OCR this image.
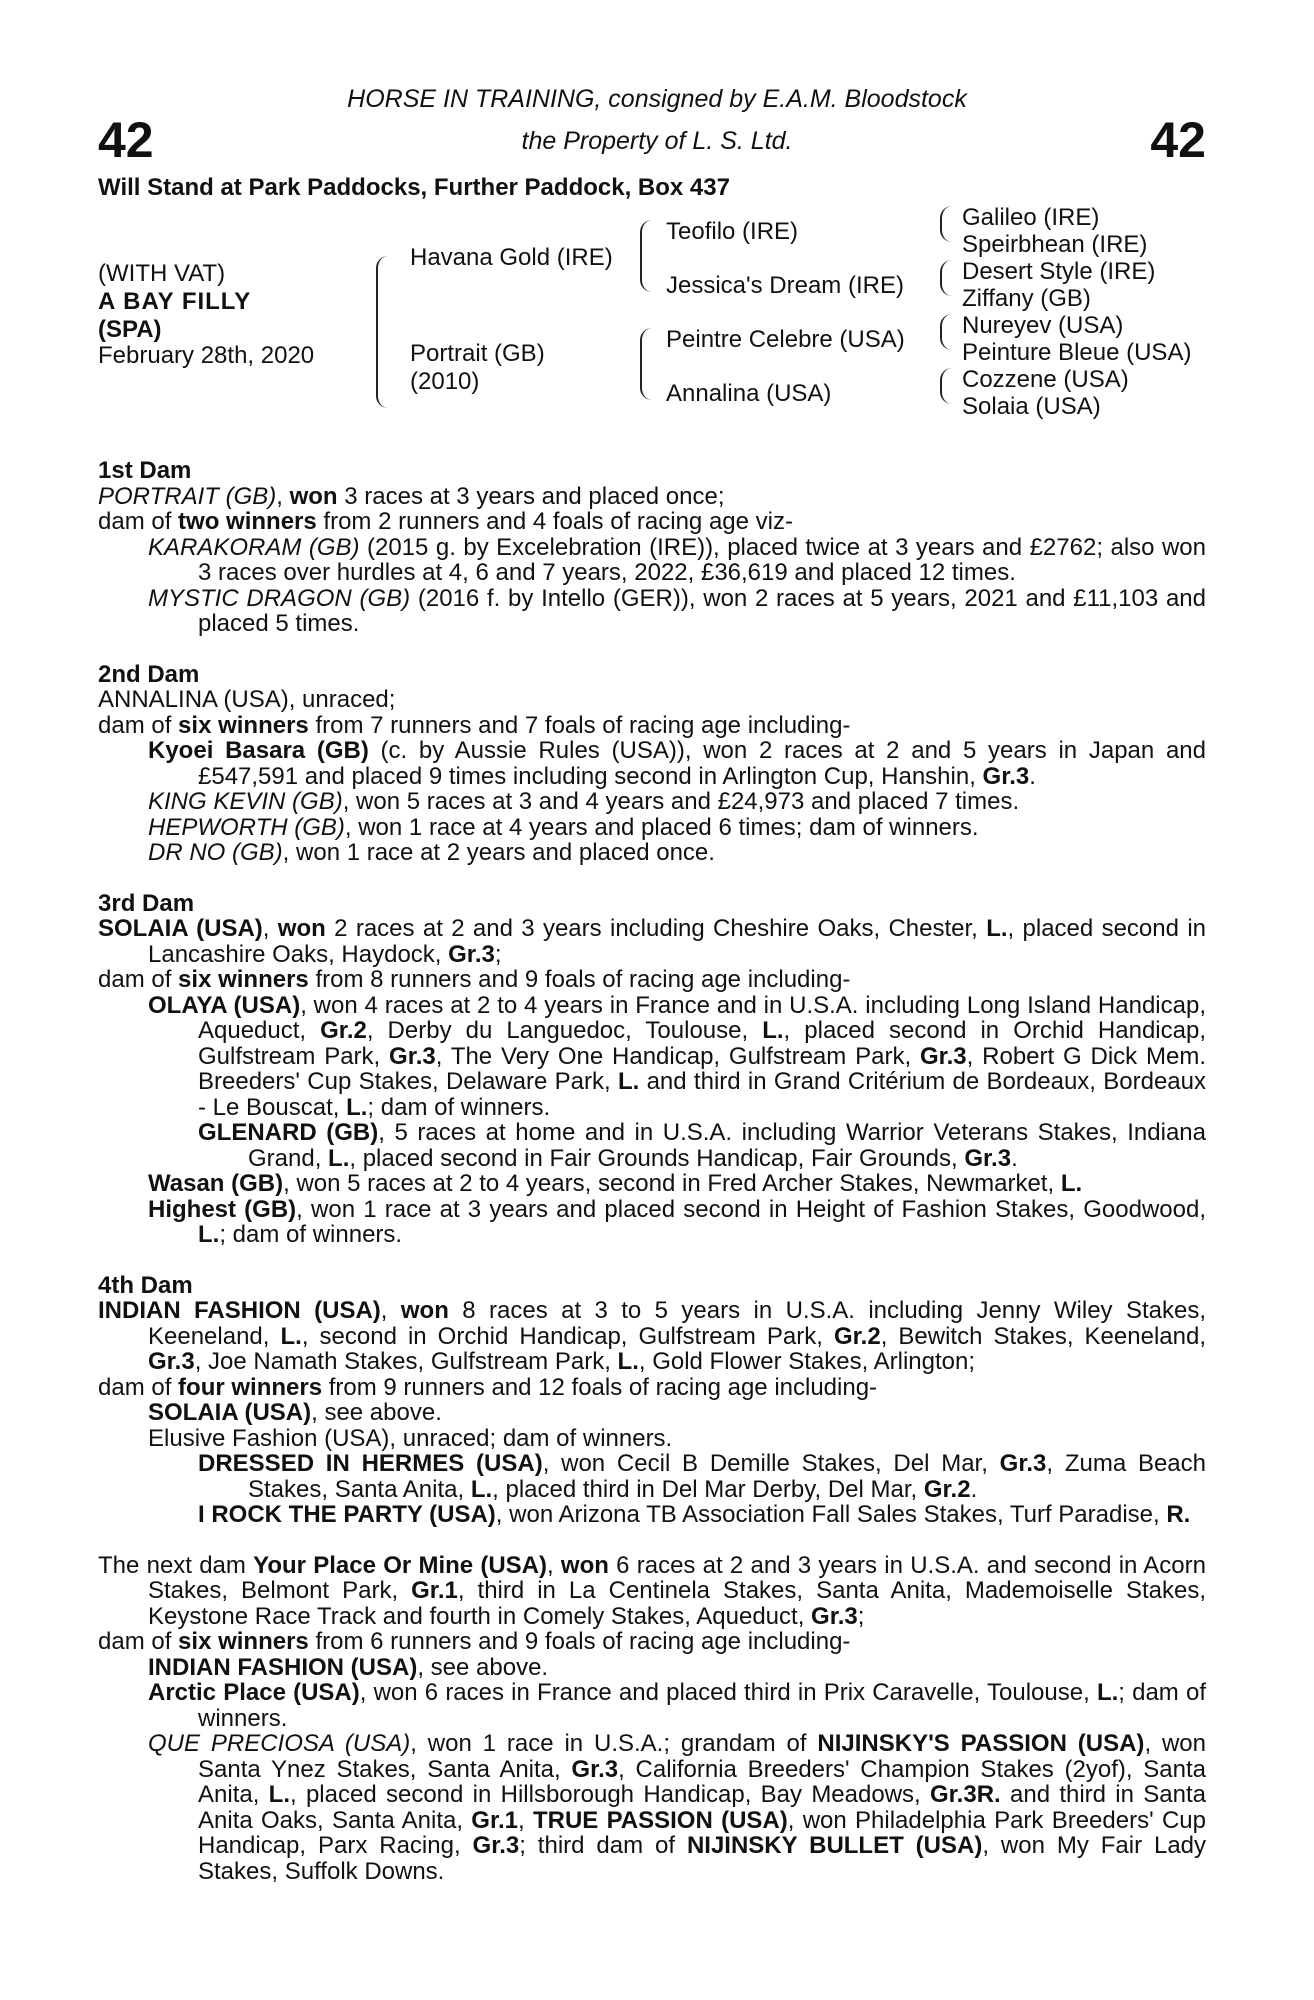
42	42
HORSE IN TRAINING, consigned by E.A.M. Bloodstock
the Property of L. S. Ltd.
Will Stand at Park Paddocks, Further Paddock, Box 437
(WITH VAT)
A BAY FILLY
(SPA)
February 28th, 2020
Havana Gold (IRE)
Portrait (GB)
(2010)
Teofilo (IRE)
Jessica's Dream (IRE)
Peintre Celebre (USA)
Annalina (USA)
Galileo (IRE)
Speirbhean (IRE)
Desert Style (IRE)
Ziffany (GB)
Nureyev (USA)
Peinture Bleue (USA)
Cozzene (USA)
Solaia (USA)
1st Dam

PORTRAIT (GB), won 3 races at 3 years and placed once;

dam of two winners from 2 runners and 4 foals of racing age viz-

KARAKORAM (GB) (2015 g. by Excelebration (IRE)), placed twice at 3 years and £2762; also won 3 races over hurdles at 4, 6 and 7 years, 2022, £36,619 and placed 12 times.

MYSTIC DRAGON (GB) (2016 f. by Intello (GER)), won 2 races at 5 years, 2021 and £11,103 and placed 5 times.

2nd Dam

ANNALINA (USA), unraced;

dam of six winners from 7 runners and 7 foals of racing age including-

Kyoei Basara (GB) (c. by Aussie Rules (USA)), won 2 races at 2 and 5 years in Japan and £547,591 and placed 9 times including second in Arlington Cup, Hanshin, Gr.3.

KING KEVIN (GB), won 5 races at 3 and 4 years and £24,973 and placed 7 times.

HEPWORTH (GB), won 1 race at 4 years and placed 6 times; dam of winners.

DR NO (GB), won 1 race at 2 years and placed once.

3rd Dam

SOLAIA (USA), won 2 races at 2 and 3 years including Cheshire Oaks, Chester, L., placed second in Lancashire Oaks, Haydock, Gr.3;

dam of six winners from 8 runners and 9 foals of racing age including-

OLAYA (USA), won 4 races at 2 to 4 years in France and in U.S.A. including Long Island Handicap, Aqueduct, Gr.2, Derby du Languedoc, Toulouse, L., placed second in Orchid Handicap, Gulfstream Park, Gr.3, The Very One Handicap, Gulfstream Park, Gr.3, Robert G Dick Mem. Breeders' Cup Stakes, Delaware Park, L. and third in Grand Critérium de Bordeaux, Bordeaux - Le Bouscat, L.; dam of winners.

GLENARD (GB), 5 races at home and in U.S.A. including Warrior Veterans Stakes, Indiana Grand, L., placed second in Fair Grounds Handicap, Fair Grounds, Gr.3.

Wasan (GB), won 5 races at 2 to 4 years, second in Fred Archer Stakes, Newmarket, L.

Highest (GB), won 1 race at 3 years and placed second in Height of Fashion Stakes, Goodwood, L.; dam of winners.

4th Dam

INDIAN FASHION (USA), won 8 races at 3 to 5 years in U.S.A. including Jenny Wiley Stakes, Keeneland, L., second in Orchid Handicap, Gulfstream Park, Gr.2, Bewitch Stakes, Keeneland, Gr.3, Joe Namath Stakes, Gulfstream Park, L., Gold Flower Stakes, Arlington;

dam of four winners from 9 runners and 12 foals of racing age including-

SOLAIA (USA), see above.

Elusive Fashion (USA), unraced; dam of winners.

DRESSED IN HERMES (USA), won Cecil B Demille Stakes, Del Mar, Gr.3, Zuma Beach Stakes, Santa Anita, L., placed third in Del Mar Derby, Del Mar, Gr.2.

I ROCK THE PARTY (USA), won Arizona TB Association Fall Sales Stakes, Turf Paradise, R.

The next dam Your Place Or Mine (USA), won 6 races at 2 and 3 years in U.S.A. and second in Acorn Stakes, Belmont Park, Gr.1, third in La Centinela Stakes, Santa Anita, Mademoiselle Stakes, Keystone Race Track and fourth in Comely Stakes, Aqueduct, Gr.3;

dam of six winners from 6 runners and 9 foals of racing age including-

INDIAN FASHION (USA), see above.

Arctic Place (USA), won 6 races in France and placed third in Prix Caravelle, Toulouse, L.; dam of winners.

QUE PRECIOSA (USA), won 1 race in U.S.A.; grandam of NIJINSKY'S PASSION (USA), won Santa Ynez Stakes, Santa Anita, Gr.3, California Breeders' Champion Stakes (2yof), Santa Anita, L., placed second in Hillsborough Handicap, Bay Meadows, Gr.3R. and third in Santa Anita Oaks, Santa Anita, Gr.1, TRUE PASSION (USA), won Philadelphia Park Breeders' Cup Handicap, Parx Racing, Gr.3; third dam of NIJINSKY BULLET (USA), won My Fair Lady Stakes, Suffolk Downs.
